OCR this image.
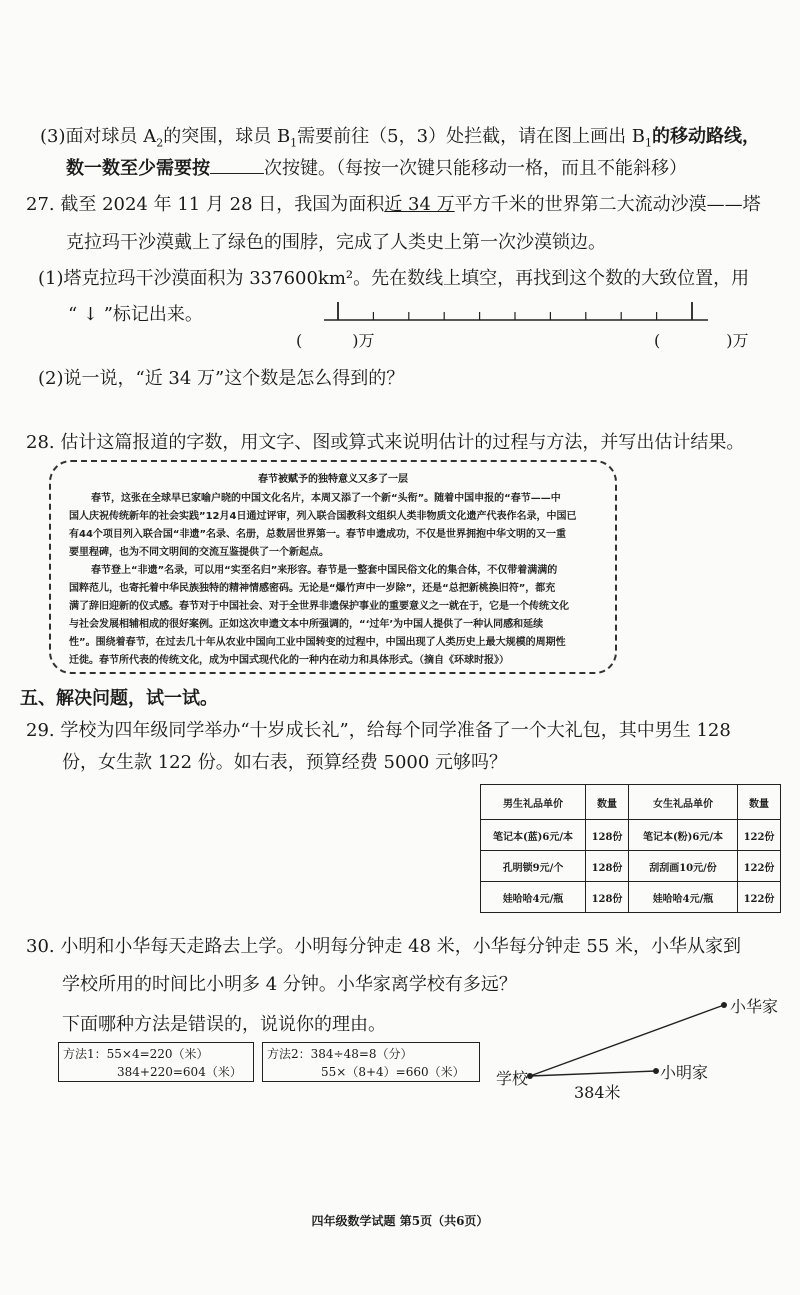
(3)面对球员 $A_2$的突围，球员 $B_1$需要前往（5，3）处拦截，请在图上画出 $B_1$的移动路线，
数一数至少需要按	次按键。（每按一次键只能移动一格，而且不能斜移）
27. 截至 2024 年 11 月 28 日，我国为面积近 34 万平方千米的世界第二大流动沙漠——塔
克拉玛干沙漠戴上了绿色的围脖，完成了人类史上第一次沙漠锁边。
(1)塔克拉玛干沙漠面积为 337600km²。先在数线上填空，再找到这个数的大致位置，用
“ ↓ ”标记出来。
(	)万	(	)万
(2)说一说，“近 34 万”这个数是怎么得到的？
28. 估计这篇报道的字数，用文字、图或算式来说明估计的过程与方法，并写出估计结果。
春节被赋予的独特意义又多了一层
春节，这张在全球早已家喻户晓的中国文化名片，本周又添了一个新“头衔”。随着中国申报的“春节——中
国人庆祝传统新年的社会实践”12月4日通过评审，列入联合国教科文组织人类非物质文化遗产代表作名录，中国已
有44个项目列入联合国“非遗”名录、名册，总数居世界第一。春节申遗成功，不仅是世界拥抱中华文明的又一重
要里程碑，也为不同文明间的交流互鉴提供了一个新起点。
春节登上“非遗”名录，可以用“实至名归”来形容。春节是一整套中国民俗文化的集合体，不仅带着满满的
国粹范儿，也寄托着中华民族独特的精神情感密码。无论是“爆竹声中一岁除”，还是“总把新桃换旧符”，都充
满了辞旧迎新的仪式感。春节对于中国社会、对于全世界非遗保护事业的重要意义之一就在于，它是一个传统文化
与社会发展相辅相成的很好案例。正如这次申遗文本中所强调的，“‘过年’为中国人提供了一种认同感和延续
性”。围绕着春节，在过去几十年从农业中国向工业中国转变的过程中，中国出现了人类历史上最大规模的周期性
迁徙。春节所代表的传统文化，成为中国式现代化的一种内在动力和具体形式。（摘自《环球时报》）
五、解决问题，试一试。
29. 学校为四年级同学举办“十岁成长礼”，给每个同学准备了一个大礼包，其中男生 128
份，女生款 122 份。如右表，预算经费 5000 元够吗？
男生礼品单价	数量	女生礼品单价	数量
笔记本(蓝)6元/本	128份	笔记本(粉)6元/本	122份
孔明锁9元/个	128份	刮刮画10元/份	122份
娃哈哈4元/瓶	128份	娃哈哈4元/瓶	122份
30. 小明和小华每天走路去上学。小明每分钟走 48 米，小华每分钟走 55 米，小华从家到
学校所用的时间比小明多 4 分钟。小华家离学校有多远？
下面哪种方法是错误的，说说你的理由。
方法1：55×4=220（米）
384+220=604（米）
方法2：384÷48=8（分）
55×（8+4）=660（米） 学校	小明家
小华家
384米
四年级数学试题 第5页（共6页）
